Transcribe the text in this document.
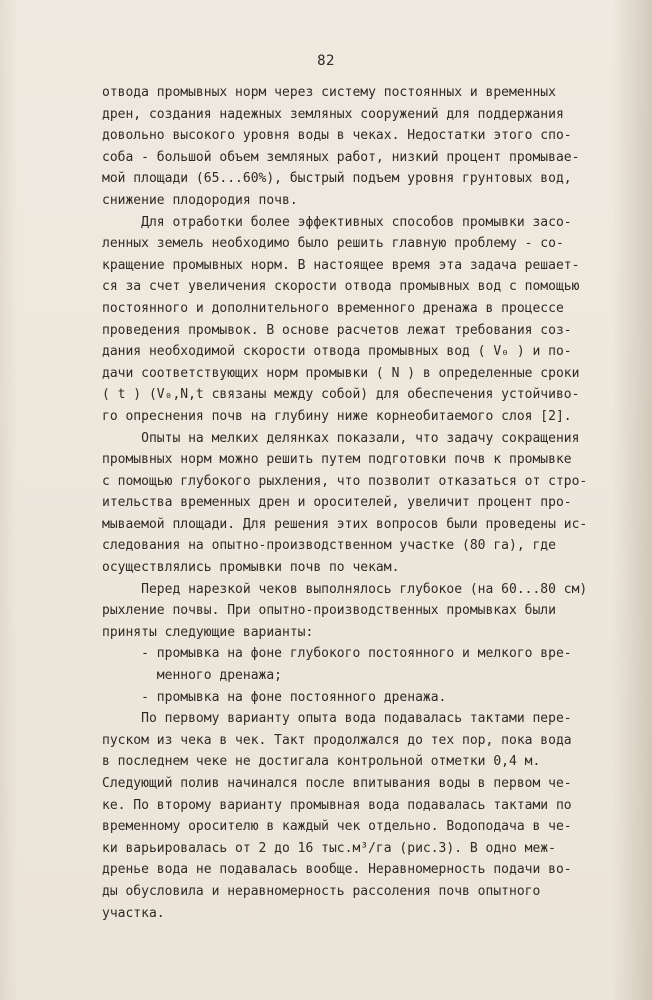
82
отвода промывных норм через систему постоянных и временных
дрен, создания надежных земляных сооружений для поддержания
довольно высокого уровня воды в чеках. Недостатки этого спо-
соба - большой объем земляных работ, низкий процент промывае-
мой площади (65...60%), быстрый подъем уровня грунтовых вод,
снижение плодородия почв.
Для отработки более эффективных способов промывки засо-
ленных земель необходимо было решить главную проблему - со-
кращение промывных норм. В настоящее время эта задача решает-
ся за счет увеличения скорости отвода промывных вод с помощью
постоянного и дополнительного временного дренажа в процессе
проведения промывок. В основе расчетов лежат требования соз-
дания необходимой скорости отвода промывных вод ( V₀ ) и по-
дачи соответствующих норм промывки ( N ) в определенные сроки
( t ) (V₀,N,t связаны между собой) для обеспечения устойчиво-
го опреснения почв на глубину ниже корнеобитаемого слоя [2].
Опыты на мелких делянках показали, что задачу сокращения
промывных норм можно решить путем подготовки почв к промывке
с помощью глубокого рыхления, что позволит отказаться от стро-
ительства временных дрен и оросителей, увеличит процент про-
мываемой площади. Для решения этих вопросов были проведены ис-
следования на опытно-производственном участке (80 га), где
осуществлялись промывки почв по чекам.
Перед нарезкой чеков выполнялось глубокое (на 60...80 см)
рыхление почвы. При опытно-производственных промывках были
приняты следующие варианты:
- промывка на фоне глубокого постоянного и мелкого вре-
менного дренажа;
- промывка на фоне постоянного дренажа.
По первому варианту опыта вода подавалась тактами пере-
пуском из чека в чек. Такт продолжался до тех пор, пока вода
в последнем чеке не достигала контрольной отметки 0,4 м.
Следующий полив начинался после впитывания воды в первом че-
ке. По второму варианту промывная вода подавалась тактами по
временному оросителю в каждый чек отдельно. Водоподача в че-
ки варьировалась от 2 до 16 тыс.м³/га (рис.3). В одно меж-
дренье вода не подавалась вообще. Неравномерность подачи во-
ды обусловила и неравномерность рассоления почв опытного
участка.
